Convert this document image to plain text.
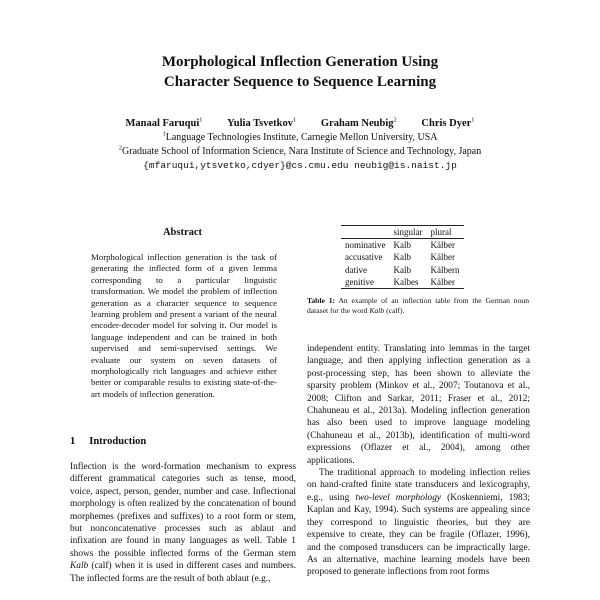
Morphological Inflection Generation Using
Character Sequence to Sequence Learning
Manaal Faruqui$^1$ Yulia Tsvetkov$^1$ Graham Neubig$^2$ Chris Dyer$^1$
$^1$Language Technologies Institute, Carnegie Mellon University, USA
$^2$Graduate School of Information Science, Nara Institute of Science and Technology, Japan
{mfaruqui,ytsvetko,cdyer}@cs.cmu.edu neubig@is.naist.jp
Abstract
Morphological inflection generation is the task of generating the inflected form of a given lemma corresponding to a particular linguistic transformation. We model the problem of inflection generation as a character sequence to sequence learning problem and present a variant of the neural encoder-decoder model for solving it. Our model is language independent and can be trained in both supervised and semi-supervised settings. We evaluate our system on seven datasets of morphologically rich languages and achieve either better or comparable results to existing state-of-the-art models of inflection generation.
1 Introduction
Inflection is the word-formation mechanism to express different grammatical categories such as tense, mood, voice, aspect, person, gender, number and case. Inflectional morphology is often realized by the concatenation of bound morphemes (prefixes and suffixes) to a root form or stem, but nonconcatenative processes such as ablaut and infixation are found in many languages as well. Table 1 shows the possible inflected forms of the German stem Kalb (calf) when it is used in different cases and numbers. The inflected forms are the result of both ablaut (e.g.,
	singular	plural
nominative	Kalb	Kälber
accusative	Kalb	Kälber
dative	Kalb	Kälbern
genitive	Kalbes	Kälber
Table 1: An example of an inflection table from the German noun dataset for the word Kalb (calf).

independent entity. Translating into lemmas in the target language, and then applying inflection generation as a post-processing step, has been shown to alleviate the sparsity problem (Minkov et al., 2007; Toutanova et al., 2008; Clifton and Sarkar, 2011; Fraser et al., 2012; Chahuneau et al., 2013a). Modeling inflection generation has also been used to improve language modeling (Chahuneau et al., 2013b), identification of multi-word expressions (Oflazer et al., 2004), among other applications.

The traditional approach to modeling inflection relies on hand-crafted finite state transducers and lexicography, e.g., using two-level morphology (Koskenniemi, 1983; Kaplan and Kay, 1994). Such systems are appealing since they correspond to linguistic theories, but they are expensive to create, they can be fragile (Oflazer, 1996), and the composed transducers can be impractically large. As an alternative, machine learning models have been proposed to generate inflections from root forms
